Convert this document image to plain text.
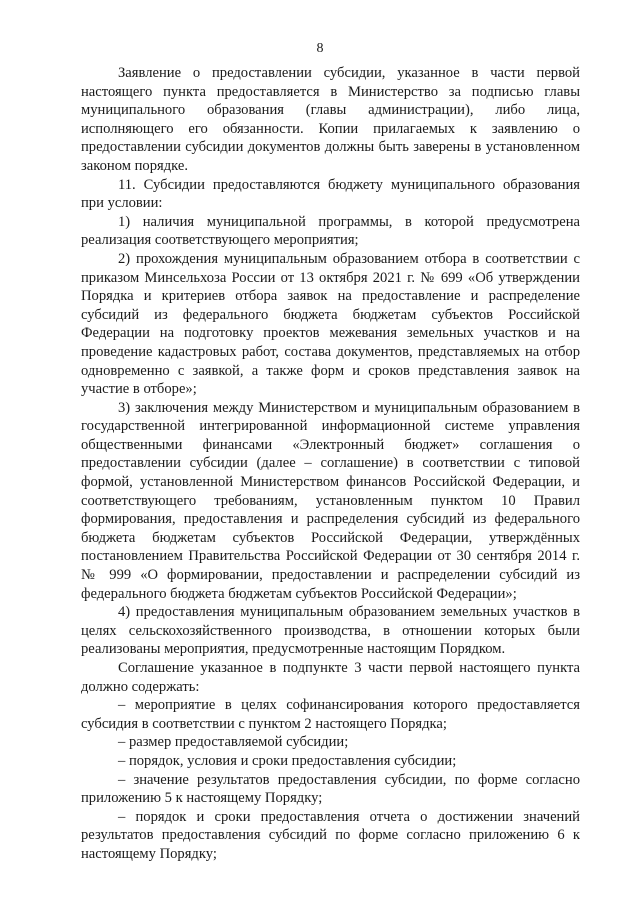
8

Заявление о предоставлении субсидии, указанное в части первой настоящего пункта предоставляется в Министерство за подписью главы муниципального образования (главы администрации), либо лица, исполняющего его обязанности. Копии прилагаемых к заявлению о предоставлении субсидии документов должны быть заверены в установленном законом порядке.

11. Субсидии предоставляются бюджету муниципального образования при условии:

1) наличия муниципальной программы, в которой предусмотрена реализация соответствующего мероприятия;

2) прохождения муниципальным образованием отбора в соответствии с приказом Минсельхоза России от 13 октября 2021 г. № 699 «Об утверждении Порядка и критериев отбора заявок на предоставление и распределение субсидий из федерального бюджета бюджетам субъектов Российской Федерации на подготовку проектов межевания земельных участков и на проведение кадастровых работ, состава документов, представляемых на отбор одновременно с заявкой, а также форм и сроков представления заявок на участие в отборе»;

3) заключения между Министерством и муниципальным образованием в государственной интегрированной информационной системе управления общественными финансами «Электронный бюджет» соглашения о предоставлении субсидии (далее – соглашение) в соответствии с типовой формой, установленной Министерством финансов Российской Федерации, и соответствующего требованиям, установленным пунктом 10 Правил формирования, предоставления и распределения субсидий из федерального бюджета бюджетам субъектов Российской Федерации, утверждённых постановлением Правительства Российской Федерации от 30 сентября 2014 г. № 999 «О формировании, предоставлении и распределении субсидий из федерального бюджета бюджетам субъектов Российской Федерации»;

4) предоставления муниципальным образованием земельных участков в целях сельскохозяйственного производства, в отношении которых были реализованы мероприятия, предусмотренные настоящим Порядком.

Соглашение указанное в подпункте 3 части первой настоящего пункта должно содержать:

– мероприятие в целях софинансирования которого предоставляется субсидия в соответствии с пунктом 2 настоящего Порядка;

– размер предоставляемой субсидии;

– порядок, условия и сроки предоставления субсидии;

– значение результатов предоставления субсидии, по форме согласно приложению 5 к настоящему Порядку;

– порядок и сроки предоставления отчета о достижении значений результатов предоставления субсидий по форме согласно приложению 6 к настоящему Порядку;
